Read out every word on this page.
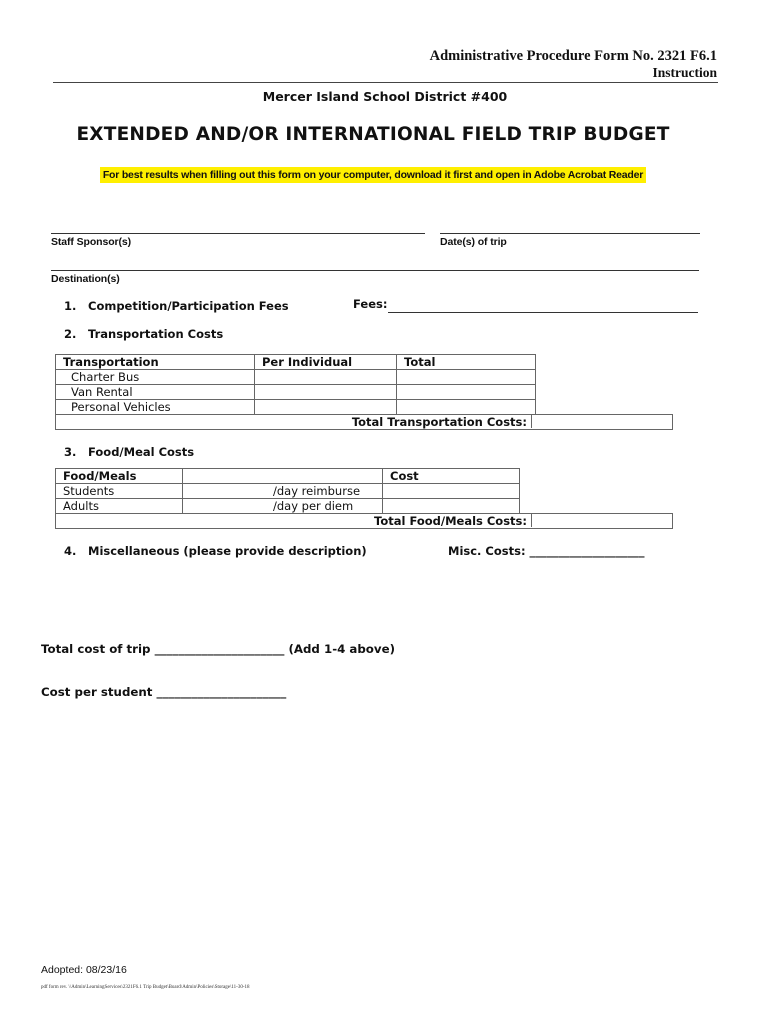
Administrative Procedure Form No. 2321 F6.1
Instruction
Mercer Island School District #400
EXTENDED AND/OR INTERNATIONAL FIELD TRIP BUDGET
For best results when filling out this form on your computer, download it first and open in Adobe Acrobat Reader
Staff Sponsor(s)	Date(s) of trip
Destination(s)
1. Competition/Participation Fees	Fees:
2. Transportation Costs
Transportation	Per Individual	Total
Charter Bus		
Van Rental		
Personal Vehicles		
Total Transportation Costs:
3. Food/Meal Costs
Food/Meals		Cost
Students	/day reimburse	
Adults	/day per diem	
Total Food/Meals Costs:
4. Miscellaneous (please provide description)	Misc. Costs: ____________________
Total cost of trip ______________________ (Add 1-4 above)
Cost per student ______________________
Adopted: 08/23/16
pdf form rev. \\Admin\LearningServices\2321F6.1 Trip Budget\Board\Admin\Policies\Storage\11-30-18
